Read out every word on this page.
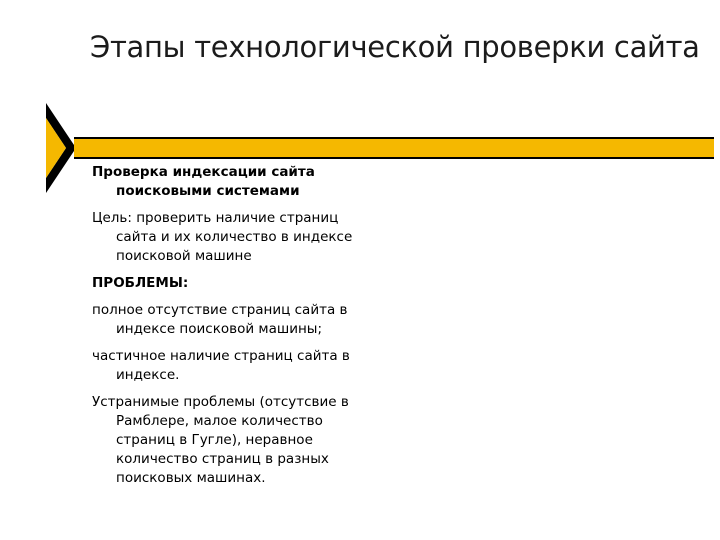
Этапы технологической проверки сайта

Проверка индексации сайта поисковыми системами

Цель: проверить наличие страниц сайта и их количество в индексе поисковой машине

ПРОБЛЕМЫ:

полное отсутствие страниц сайта в индексе поисковой машины;

частичное наличие страниц сайта в индексе.

Устранимые проблемы (отсутсвие в Рамблере, малое количество страниц в Гугле), неравное количество страниц в разных поисковых машинах.
